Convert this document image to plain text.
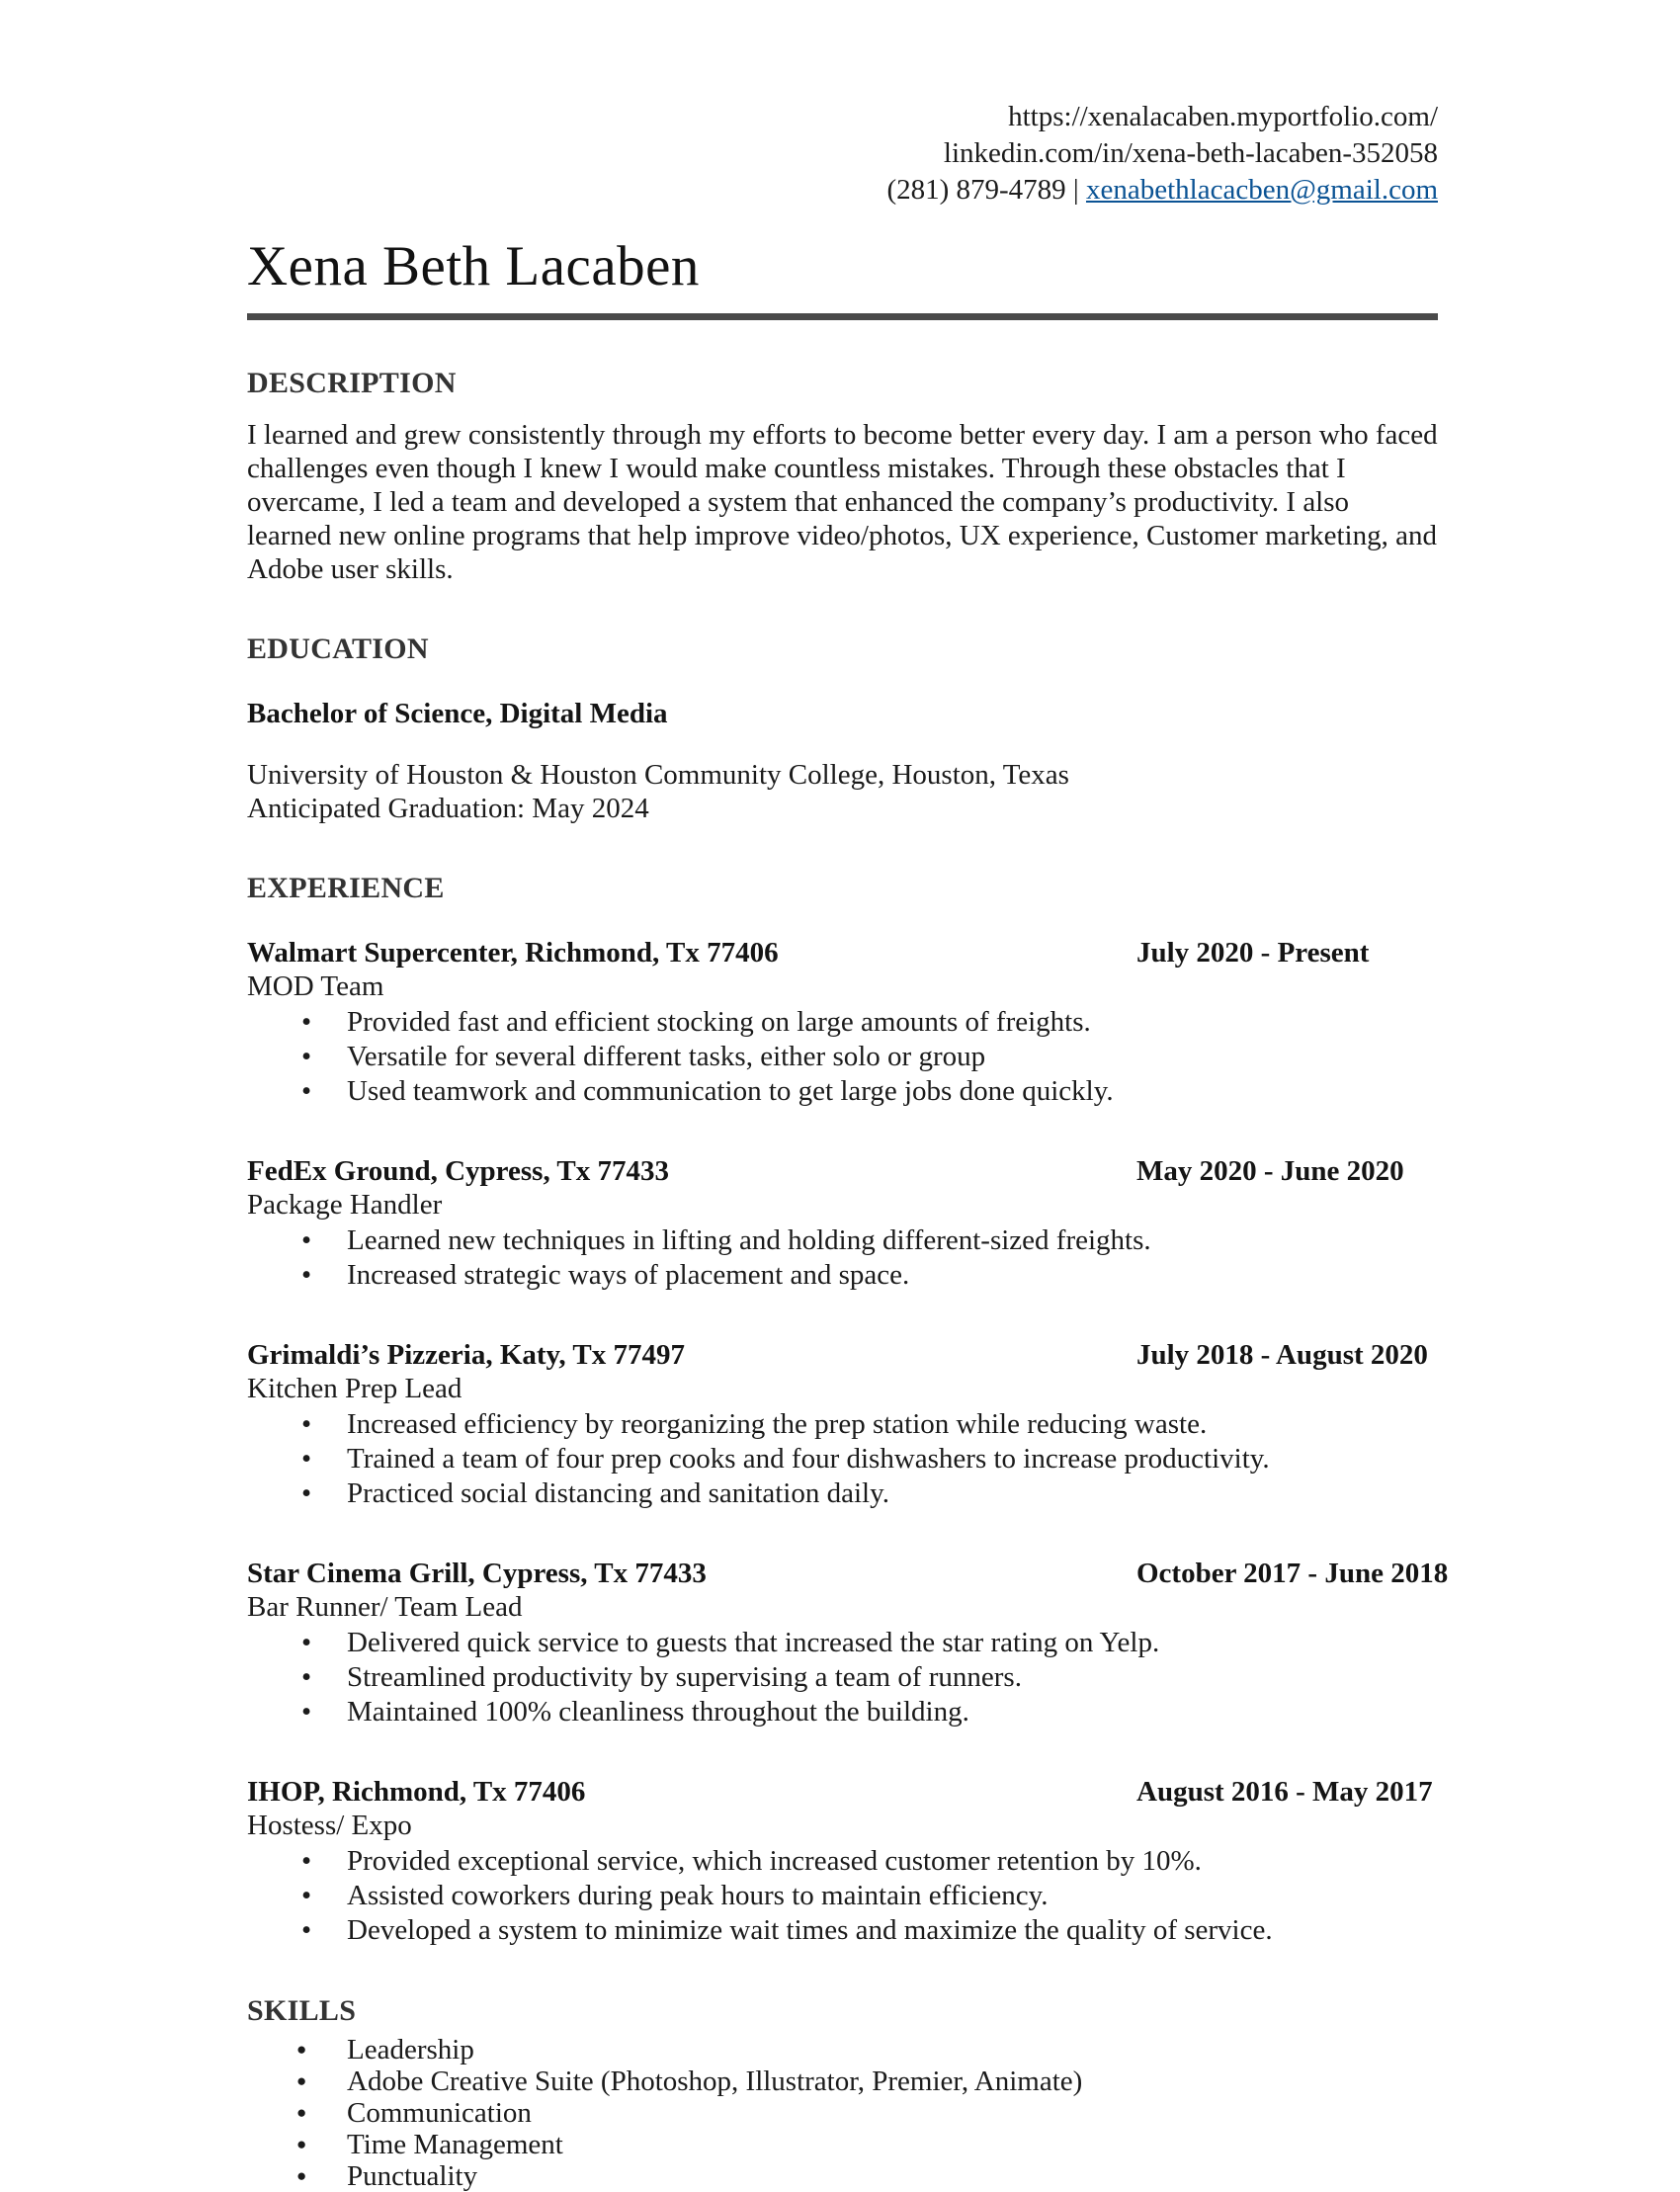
https://xenalacaben.myportfolio.com/
linkedin.com/in/xena-beth-lacaben-352058
(281) 879-4789 | xenabethlacacben@gmail.com
Xena Beth Lacaben
DESCRIPTION

I learned and grew consistently through my efforts to become better every day. I am a person who faced challenges even though I knew I would make countless mistakes. Through these obstacles that I overcame, I led a team and developed a system that enhanced the company’s productivity. I also learned new online programs that help improve video/photos, UX experience, Customer marketing, and Adobe user skills.

EDUCATION
Bachelor of Science, Digital Media
University of Houston & Houston Community College, Houston, Texas
Anticipated Graduation: May 2024
EXPERIENCE
Walmart Supercenter, Richmond, Tx 77406	July 2020 - Present
MOD Team
• Provided fast and efficient stocking on large amounts of freights.
• Versatile for several different tasks, either solo or group
• Used teamwork and communication to get large jobs done quickly.
FedEx Ground, Cypress, Tx 77433	May 2020 - June 2020
Package Handler
• Learned new techniques in lifting and holding different-sized freights.
• Increased strategic ways of placement and space.
Grimaldi’s Pizzeria, Katy, Tx 77497	July 2018 - August 2020
Kitchen Prep Lead
• Increased efficiency by reorganizing the prep station while reducing waste.
• Trained a team of four prep cooks and four dishwashers to increase productivity.
• Practiced social distancing and sanitation daily.
Star Cinema Grill, Cypress, Tx 77433	October 2017 - June 2018
Bar Runner/ Team Lead
• Delivered quick service to guests that increased the star rating on Yelp.
• Streamlined productivity by supervising a team of runners.
• Maintained 100% cleanliness throughout the building.
IHOP, Richmond, Tx 77406	August 2016 - May 2017
Hostess/ Expo
• Provided exceptional service, which increased customer retention by 10%.
• Assisted coworkers during peak hours to maintain efficiency.
• Developed a system to minimize wait times and maximize the quality of service.
SKILLS
● Leadership
● Adobe Creative Suite (Photoshop, Illustrator, Premier, Animate)
● Communication
● Time Management
● Punctuality
